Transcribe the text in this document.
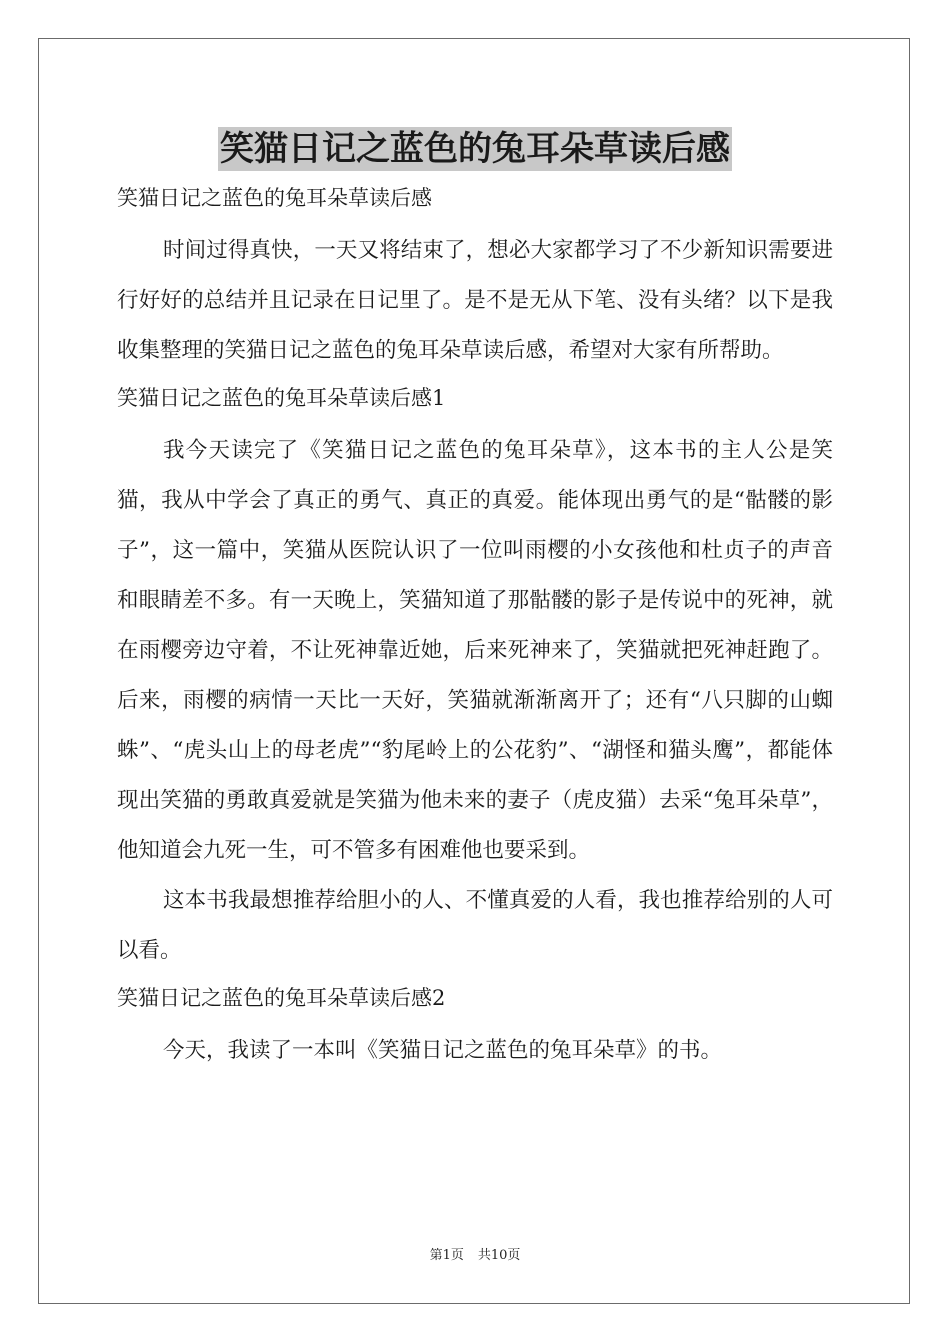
笑猫日记之蓝色的兔耳朵草读后感
笑猫日记之蓝色的兔耳朵草读后感

时间过得真快，一天又将结束了，想必大家都学习了不少新知识需要进行好好的总结并且记录在日记里了。是不是无从下笔、没有头绪？以下是我收集整理的笑猫日记之蓝色的兔耳朵草读后感，希望对大家有所帮助。

笑猫日记之蓝色的兔耳朵草读后感1

我今天读完了《笑猫日记之蓝色的兔耳朵草》，这本书的主人公是笑猫，我从中学会了真正的勇气、真正的真爱。能体现出勇气的是“骷髅的影子”，这一篇中，笑猫从医院认识了一位叫雨樱的小女孩他和杜贞子的声音和眼睛差不多。有一天晚上，笑猫知道了那骷髅的影子是传说中的死神，就在雨樱旁边守着，不让死神靠近她，后来死神来了，笑猫就把死神赶跑了。后来，雨樱的病情一天比一天好，笑猫就渐渐离开了；还有“八只脚的山蜘蛛”、“虎头山上的母老虎”“豹尾岭上的公花豹”、“湖怪和猫头鹰”，都能体现出笑猫的勇敢真爱就是笑猫为他未来的妻子（虎皮猫）去采“兔耳朵草”，他知道会九死一生，可不管多有困难他也要采到。

这本书我最想推荐给胆小的人、不懂真爱的人看，我也推荐给别的人可以看。

笑猫日记之蓝色的兔耳朵草读后感2

今天，我读了一本叫《笑猫日记之蓝色的兔耳朵草》的书。

第1页 共10页
